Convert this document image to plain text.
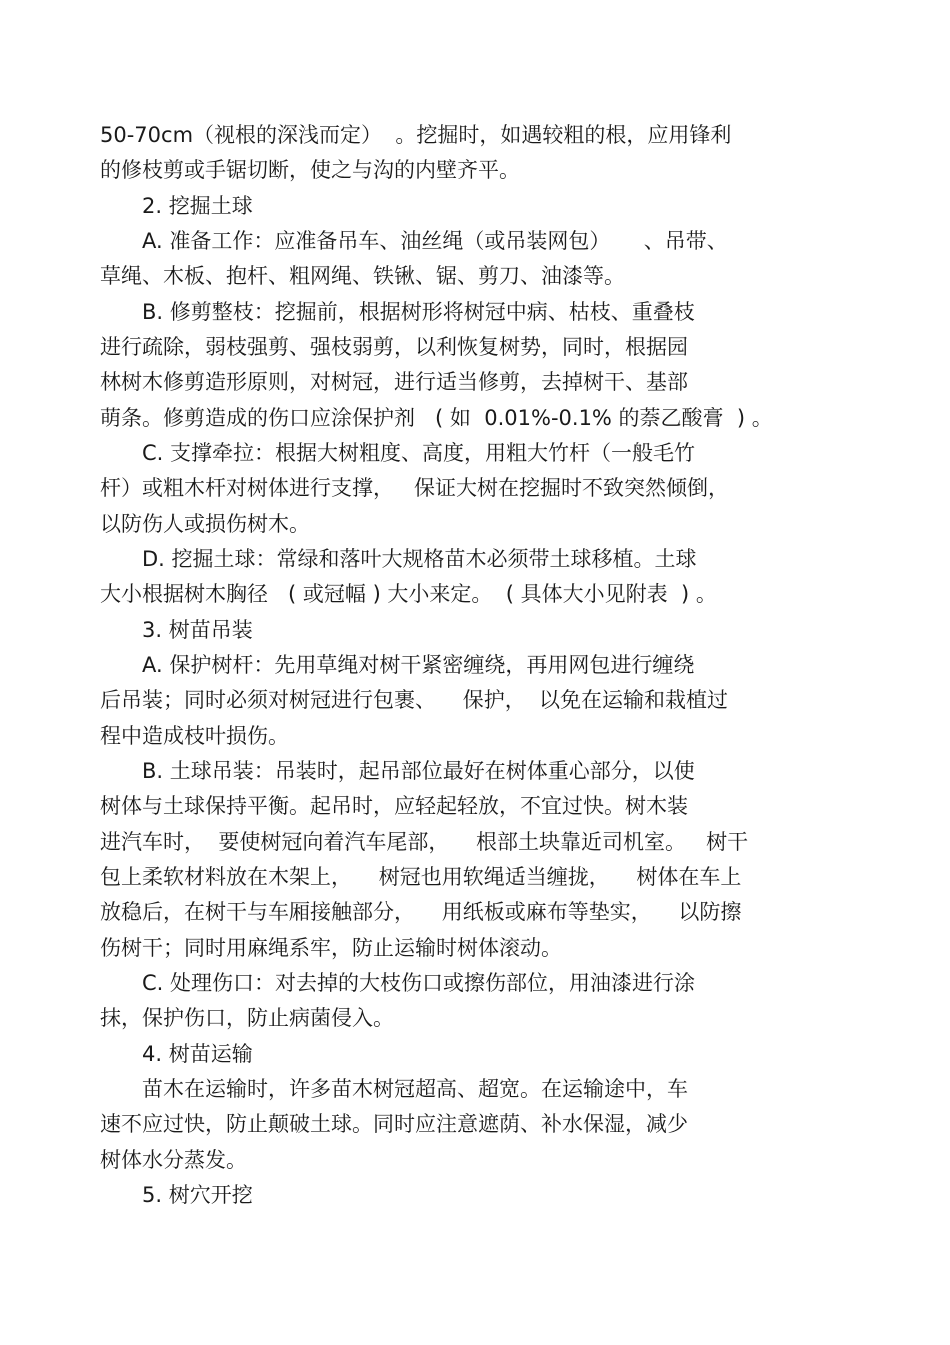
50-70cm（视根的深浅而定）  。挖掘时，如遇较粗的根，应用锋利
的修枝剪或手锯切断，使之与沟的内壁齐平。
2. 挖掘土球
A. 准备工作：应准备吊车、油丝绳（或吊装网包）     、吊带、
草绳、木板、抱杆、粗网绳、铁锹、锯、剪刀、油漆等。
B. 修剪整枝：挖掘前，根据树形将树冠中病、枯枝、重叠枝
进行疏除，弱枝强剪、强枝弱剪，以利恢复树势，同时，根据园
林树木修剪造形原则，对树冠，进行适当修剪，去掉树干、基部
萌条。修剪造成的伤口应涂保护剂   ( 如  0.01%-0.1% 的萘乙酸膏  ) 。
C. 支撑牵拉：根据大树粗度、高度，用粗大竹杆（一般毛竹
杆）或粗木杆对树体进行支撑，   保证大树在挖掘时不致突然倾倒，
以防伤人或损伤树木。
D. 挖掘土球：常绿和落叶大规格苗木必须带土球移植。土球
大小根据树木胸径   ( 或冠幅 ) 大小来定。  ( 具体大小见附表  ) 。
3. 树苗吊装
A. 保护树杆：先用草绳对树干紧密缠绕，再用网包进行缠绕
后吊装；同时必须对树冠进行包裹、    保护，  以免在运输和栽植过
程中造成枝叶损伤。
B. 土球吊装：吊装时，起吊部位最好在树体重心部分，以使
树体与土球保持平衡。起吊时，应轻起轻放，不宜过快。树木装
进汽车时，  要使树冠向着汽车尾部，    根部土块靠近司机室。   树干
包上柔软材料放在木架上，    树冠也用软绳适当缠拢，    树体在车上
放稳后，在树干与车厢接触部分，    用纸板或麻布等垫实，    以防擦
伤树干；同时用麻绳系牢，防止运输时树体滚动。
C. 处理伤口：对去掉的大枝伤口或擦伤部位，用油漆进行涂
抹，保护伤口，防止病菌侵入。
4. 树苗运输
苗木在运输时，许多苗木树冠超高、超宽。在运输途中，车
速不应过快，防止颠破土球。同时应注意遮荫、补水保湿，减少
树体水分蒸发。
5. 树穴开挖
